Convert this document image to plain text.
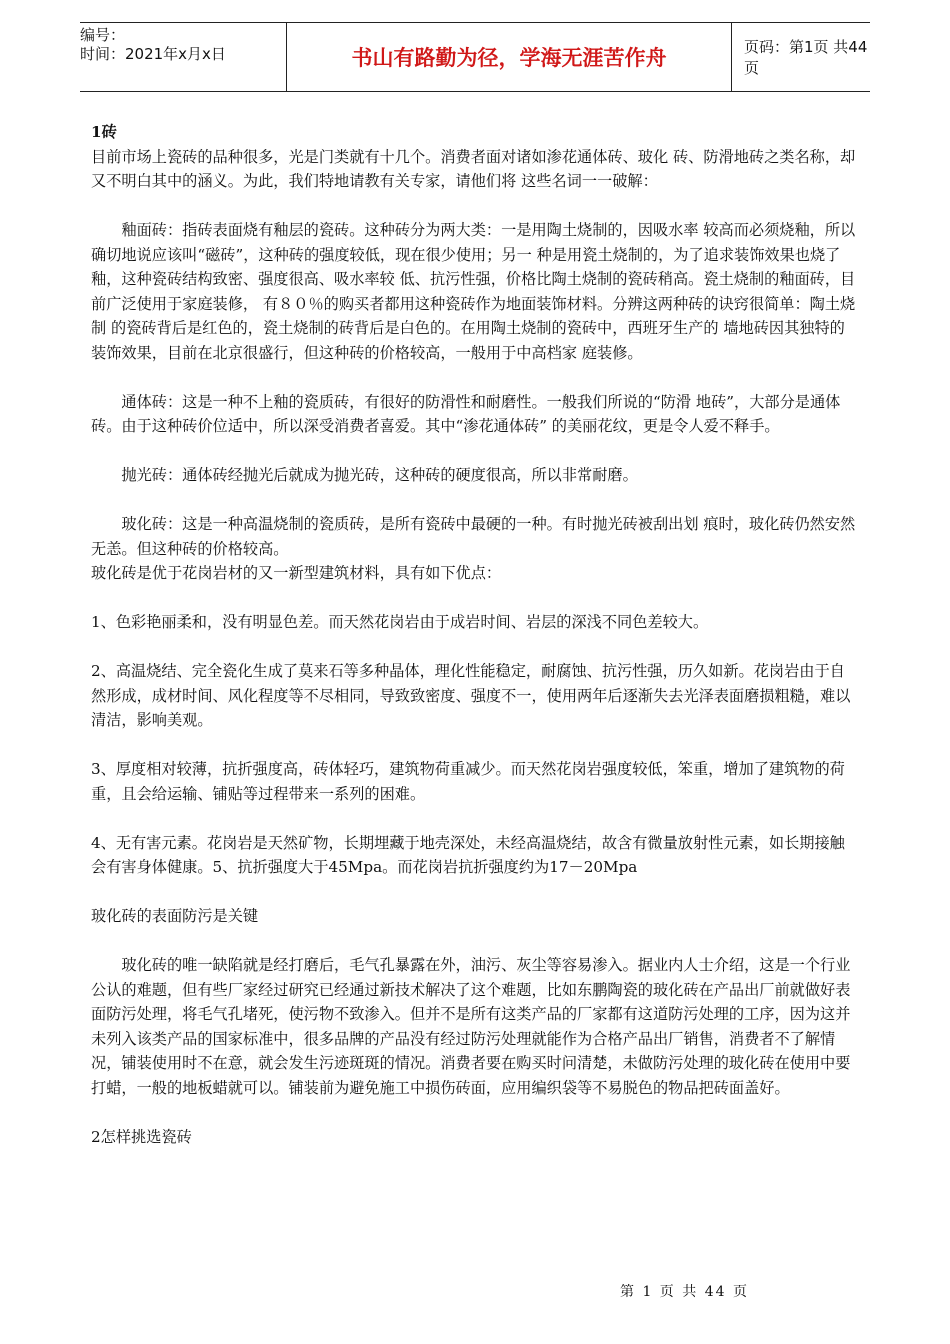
编号：
时间：2021年x月x日	书山有路勤为径，学海无涯苦作舟	页码：第1页 共44页

1砖

目前市场上瓷砖的品种很多，光是门类就有十几个。消费者面对诸如渗花通体砖、玻化 砖、防滑地砖之类名称，却又不明白其中的涵义。为此，我们特地请教有关专家，请他们将 这些名词一一破解：

釉面砖：指砖表面烧有釉层的瓷砖。这种砖分为两大类：一是用陶土烧制的，因吸水率 较高而必须烧釉，所以确切地说应该叫“磁砖”，这种砖的强度较低，现在很少使用；另一 种是用瓷土烧制的，为了追求装饰效果也烧了釉，这种瓷砖结构致密、强度很高、吸水率较 低、抗污性强，价格比陶土烧制的瓷砖稍高。瓷土烧制的釉面砖，目前广泛使用于家庭装修， 有８０％的购买者都用这种瓷砖作为地面装饰材料。分辨这两种砖的诀窍很简单：陶土烧制 的瓷砖背后是红色的，瓷土烧制的砖背后是白色的。在用陶土烧制的瓷砖中，西班牙生产的 墙地砖因其独特的装饰效果，目前在北京很盛行，但这种砖的价格较高，一般用于中高档家 庭装修。

通体砖：这是一种不上釉的瓷质砖，有很好的防滑性和耐磨性。一般我们所说的“防滑 地砖”，大部分是通体砖。由于这种砖价位适中，所以深受消费者喜爱。其中“渗花通体砖” 的美丽花纹，更是令人爱不释手。

抛光砖：通体砖经抛光后就成为抛光砖，这种砖的硬度很高，所以非常耐磨。

玻化砖：这是一种高温烧制的瓷质砖，是所有瓷砖中最硬的一种。有时抛光砖被刮出划 痕时，玻化砖仍然安然无恙。但这种砖的价格较高。

玻化砖是优于花岗岩材的又一新型建筑材料，具有如下优点：

1、色彩艳丽柔和，没有明显色差。而天然花岗岩由于成岩时间、岩层的深浅不同色差较大。

2、高温烧结、完全瓷化生成了莫来石等多种晶体，理化性能稳定，耐腐蚀、抗污性强，历久如新。花岗岩由于自然形成，成材时间、风化程度等不尽相同，导致致密度、强度不一，使用两年后逐渐失去光泽表面磨损粗糙，难以清洁，影响美观。

3、厚度相对较薄，抗折强度高，砖体轻巧，建筑物荷重减少。而天然花岗岩强度较低，笨重，增加了建筑物的荷重，且会给运输、铺贴等过程带来一系列的困难。

4、无有害元素。花岗岩是天然矿物，长期埋藏于地壳深处，未经高温烧结，故含有微量放射性元素，如长期接触会有害身体健康。5、抗折强度大于45Mpa。而花岗岩抗折强度约为17－20Mpa

玻化砖的表面防污是关键

玻化砖的唯一缺陷就是经打磨后，毛气孔暴露在外，油污、灰尘等容易渗入。据业内人士介绍，这是一个行业公认的难题，但有些厂家经过研究已经通过新技术解决了这个难题，比如东鹏陶瓷的玻化砖在产品出厂前就做好表面防污处理，将毛气孔堵死，使污物不致渗入。但并不是所有这类产品的厂家都有这道防污处理的工序，因为这并未列入该类产品的国家标准中，很多品牌的产品没有经过防污处理就能作为合格产品出厂销售，消费者不了解情况，铺装使用时不在意，就会发生污迹斑斑的情况。消费者要在购买时问清楚，未做防污处理的玻化砖在使用中要打蜡，一般的地板蜡就可以。铺装前为避免施工中损伤砖面，应用编织袋等不易脱色的物品把砖面盖好。

2怎样挑选瓷砖

第 1 页 共 44 页
